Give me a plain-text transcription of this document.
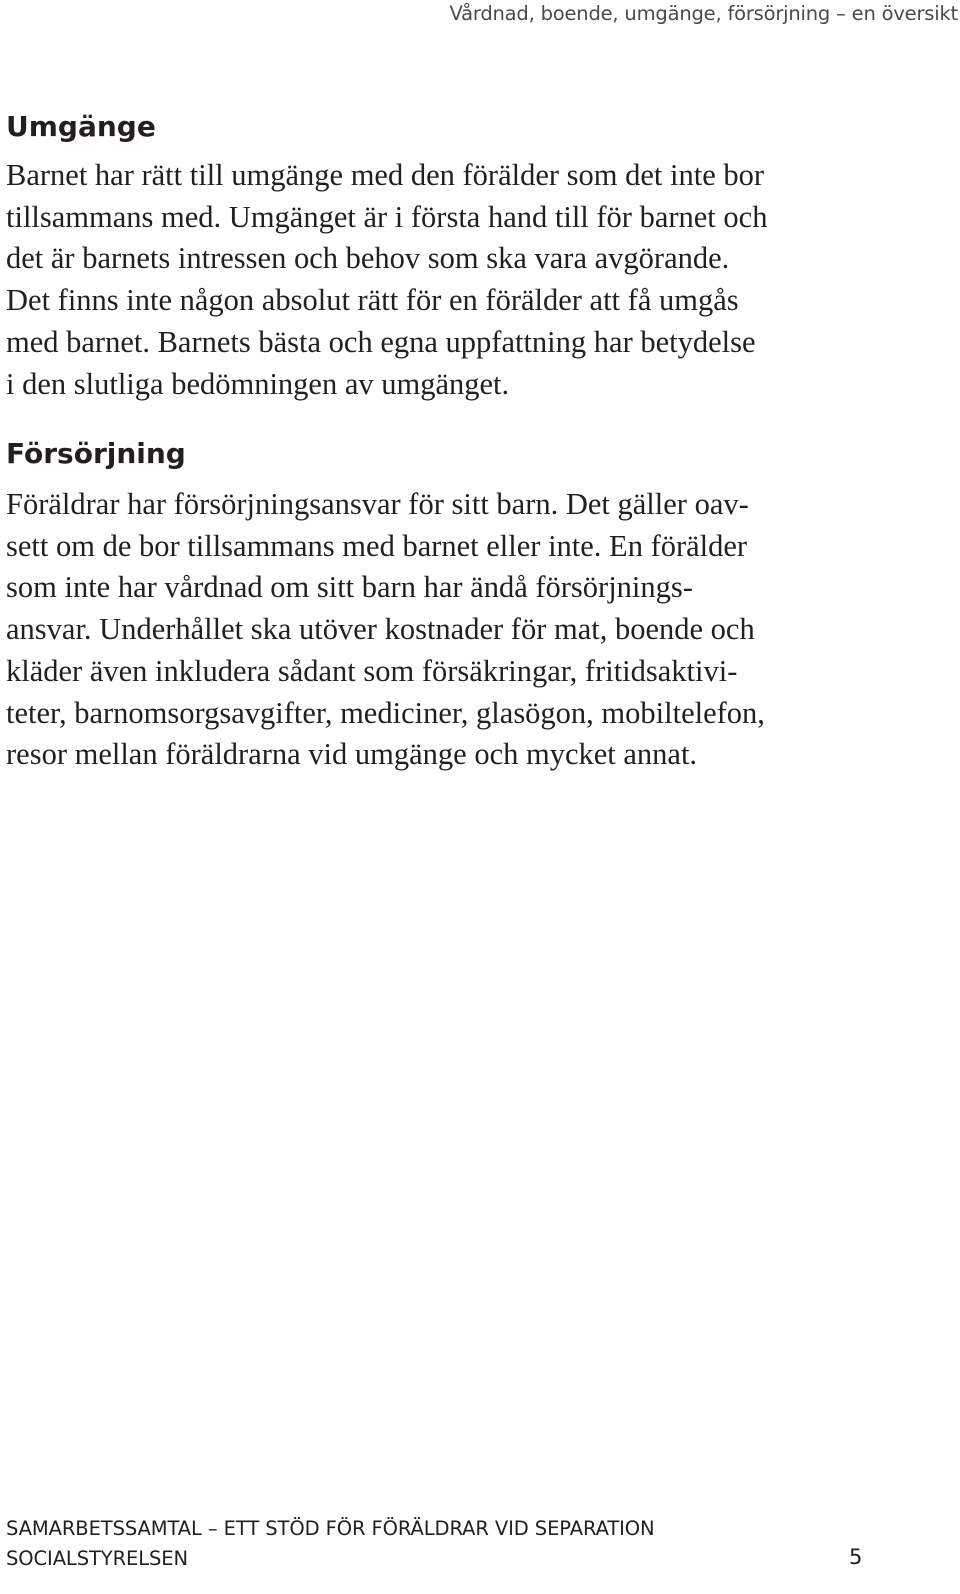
Vårdnad, boende, umgänge, försörjning – en översikt
Umgänge

Barnet har rätt till umgänge med den förälder som det inte bor
tillsammans med. Umgänget är i första hand till för barnet och
det är barnets intressen och behov som ska vara avgörande.
Det finns inte någon absolut rätt för en förälder att få umgås
med barnet. Barnets bästa och egna uppfattning har betydelse
i den slutliga bedömningen av umgänget.

Försörjning

Föräldrar har försörjningsansvar för sitt barn. Det gäller oav-
sett om de bor tillsammans med barnet eller inte. En förälder
som inte har vårdnad om sitt barn har ändå försörjnings-
ansvar. Underhållet ska utöver kostnader för mat, boende och
kläder även inkludera sådant som försäkringar, fritidsaktivi-
teter, barnomsorgsavgifter, mediciner, glasögon, mobiltelefon,
resor mellan föräldrarna vid umgänge och mycket annat.

SAMARBETSSAMTAL – ETT STÖD FÖR FÖRÄLDRAR VID SEPARATION
SOCIALSTYRELSEN	5
